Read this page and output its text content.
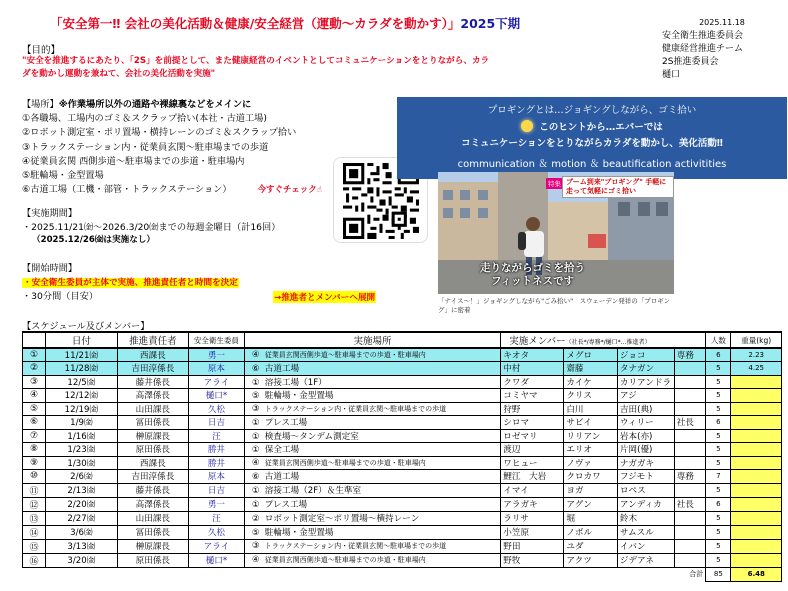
「安全第一‼ 会社の美化活動＆健康/安全経営（運動〜カラダを動かす）」2025下期	2025.11.18
安全衛生推進委員会
健康経営推進チーム
2S推進委員会
樋口
【目的】
"安全を推進するにあたり、「2S」を前提として、また健康経営のイベントとしてコミュニケーションをとりながら、カラダを動かし運動を兼ねて、会社の美化活動を実施"
【場所】※作業場所以外の通路や裸線裏などをメインに
①各職場、工場内のゴミ＆スクラップ拾い(本社・古道工場)
②ロボット測定室・ポリ置場・横持レーンのゴミ＆スクラップ拾い
③トラックステーション内・従業員玄関〜駐車場までの歩道
④従業員玄関 西側歩道〜駐車場までの歩道・駐車場内
⑤駐輪場・金型置場
⑥古道工場（工機・部管・トラックステーション）	今すぐチェック☝
【実施期間】
・2025.11/21㈮〜2026.3/20㈮までの毎週金曜日（計16回）
（2025.12/26㈮は実施なし）
【開始時間】
・安全衛生委員が主体で実施、推進責任者と時間を決定
・30分間（目安）	→推進者とメンバーへ展開
プロギングとは…ジョギングしながら、ゴミ拾い
このヒントから…エバーでは
コミュニケーションをとりながらカラダを動かし、美化活動‼
communication ＆ motion ＆ beautification activitities
特集 ブーム到来"プロギング" 手軽に走って気軽にゴミ拾い
走りながらゴミを拾う
フィットネスです
「ナイス〜！」ジョギングしながら"ごみ拾い"　スウェーデン発祥の「プロギング」に密着
【スケジュール及びメンバー】
	日付	推進責任者	安全衛生委員	実施場所	実施メンバー（社長*/専務*/樋口*…推進者）				人数	重量(kg)
①	11/21㈮	西課長	勇一	④ 従業員玄関西側歩道〜駐車場までの歩道・駐車場内	キオタ	メグロ	ジョコ	専務	6	2.23
②	11/28㈮	吉田淳係長	原本	⑥ 古道工場	中村	齋藤	タナガン		5	4.25
③	12/5㈮	藤井係長	アライ	① 溶接工場（1F）	クワダ	カイケ	カリアンドラ		5	
④	12/12㈮	高澤係長	樋口*	⑤ 駐輪場・金型置場	コミヤマ	クリス	アジ		5	
⑤	12/19㈮	山田課長	久松	③ トラックステーション内・従業員玄関〜駐車場までの歩道	狩野	白川	吉田(典)		5	
⑥	1/9㈮	冨田係長	日吉	① プレス工場	シロマ	サビイ	ウィリー	社長	6	
⑦	1/16㈮	榊原課長	汪	① 検査場〜タンデム測定室	ロゼマリ	リリアン	岩本(亦)		5	
⑧	1/23㈮	原田係長	勝井	① 保全工場	渡辺	エリオ	片岡(優)		5	
⑨	1/30㈮	西課長	勝井	④ 従業員玄関西側歩道〜駐車場までの歩道・駐車場内	ワヒュー	ノヴァ	ナガガキ		5	
⑩	2/6㈮	吉田淳係長	原本	⑥ 古道工場	鯉江　大岩	クロカワ	フジモト	専務	7	
⑪	2/13㈮	藤井係長	日吉	① 溶接工場（2F）＆生準室	イマイ	ヨガ	ロペス		5	
⑫	2/20㈮	高澤係長	勇一	① プレス工場	アラガキ	アグン	アンディカ	社長	6	
⑬	2/27㈮	山田課長	汪	② ロボット測定室〜ポリ置場〜横持レーン	ラリサ	堀	鈴木		5	
⑭	3/6㈮	冨田係長	久松	⑤ 駐輪場・金型置場	小笠原	ノボル	サムスル		5	
⑮	3/13㈮	榊原課長	アライ	③ トラックステーション内・従業員玄関〜駐車場までの歩道	野田	ユダ	イバン		5	
⑯	3/20㈮	原田係長	樋口*	④ 従業員玄関西側歩道〜駐車場までの歩道・駐車場内	野牧	アクツ	ジデアネ		5	
合計									85	6.48
